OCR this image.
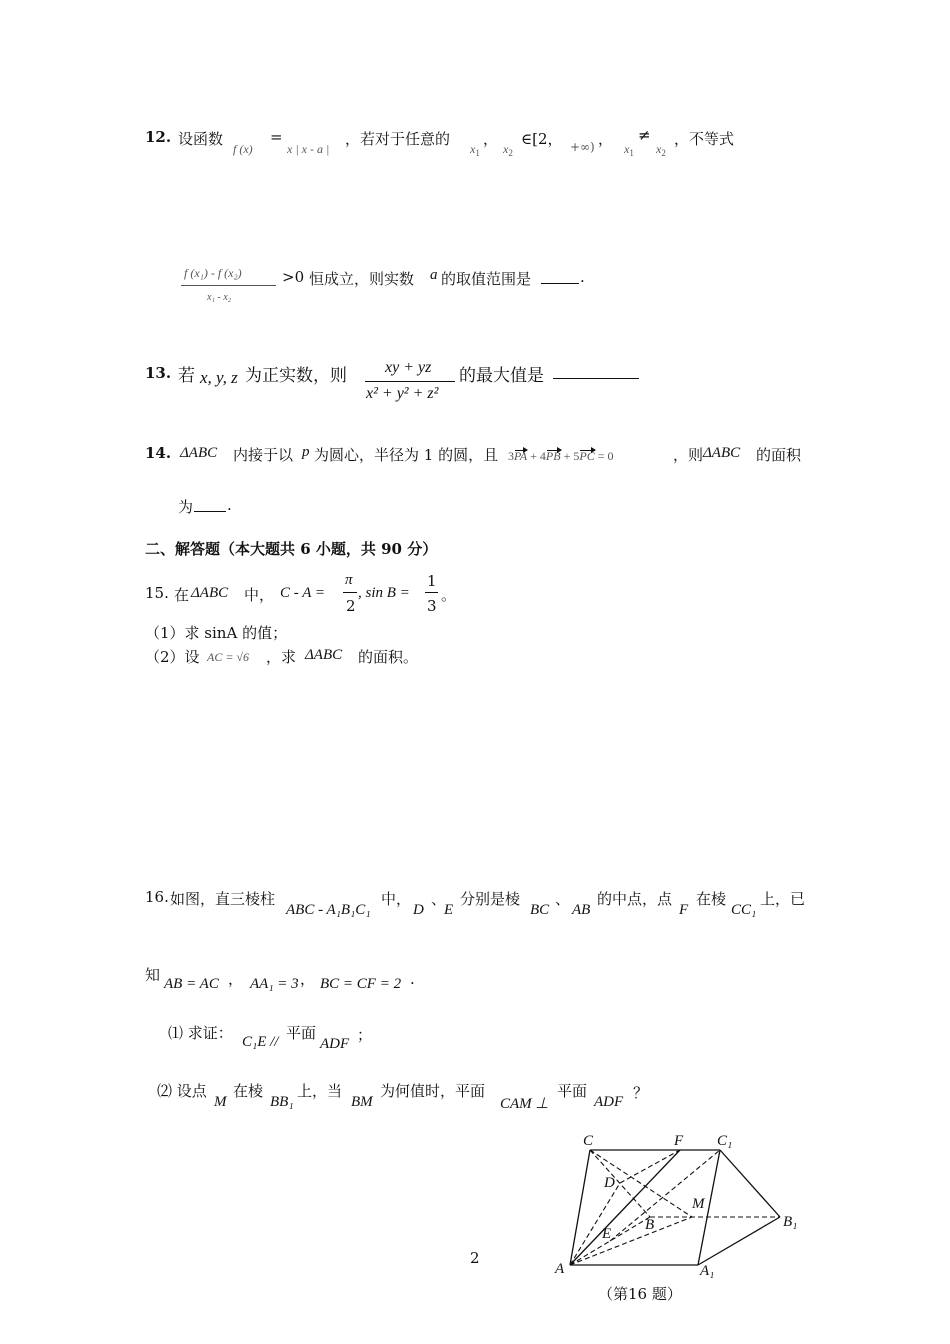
12. 设函数
f (x)
=
x | x - a |
，若对于任意的
$x_1$
，
$x_2$
∈[2， +∞) ，
$x_1$
≠
$x_2$
，不等式
f (x₁) - f (x₂)
x₁ - x₂
>0 恒成立，则实数 a 的取值范围是	.
13. 若 x, y, z 为正实数，则 xy + yz
x² + y² + z²
的最大值是
14. ΔABC 内接于以 p 为圆心，半径为 1 的圆，且 3PA + 4PB + 5PC = 0	，则 ΔABC 的面积
为 .
二、解答题（本大题共 6 小题，共 90 分）
15. 在 ΔABC 中， C - A =
π
2
, sin B =
1
3
。
（1）求 sinA 的值；
（2）设 AC = √6 ，求 ΔABC 的面积。
16. 如图，直三棱柱
ABC - A₁B₁C₁
中，
D
、
E
分别是棱
BC
、
AB
的中点，点
F
在棱
CC₁
上，已
知 AB = AC ， AA₁ = 3 ， BC = CF = 2 .
⑴ 求证： C₁E // 平面
ADF ；
⑵ 设点
M
在棱
BB₁
上，当
BM
为何值时，平面
CAM ⊥
平面
ADF ？
C	F C₁
D
M
B	B₁
E
A	A₁
（第16 题）
2
